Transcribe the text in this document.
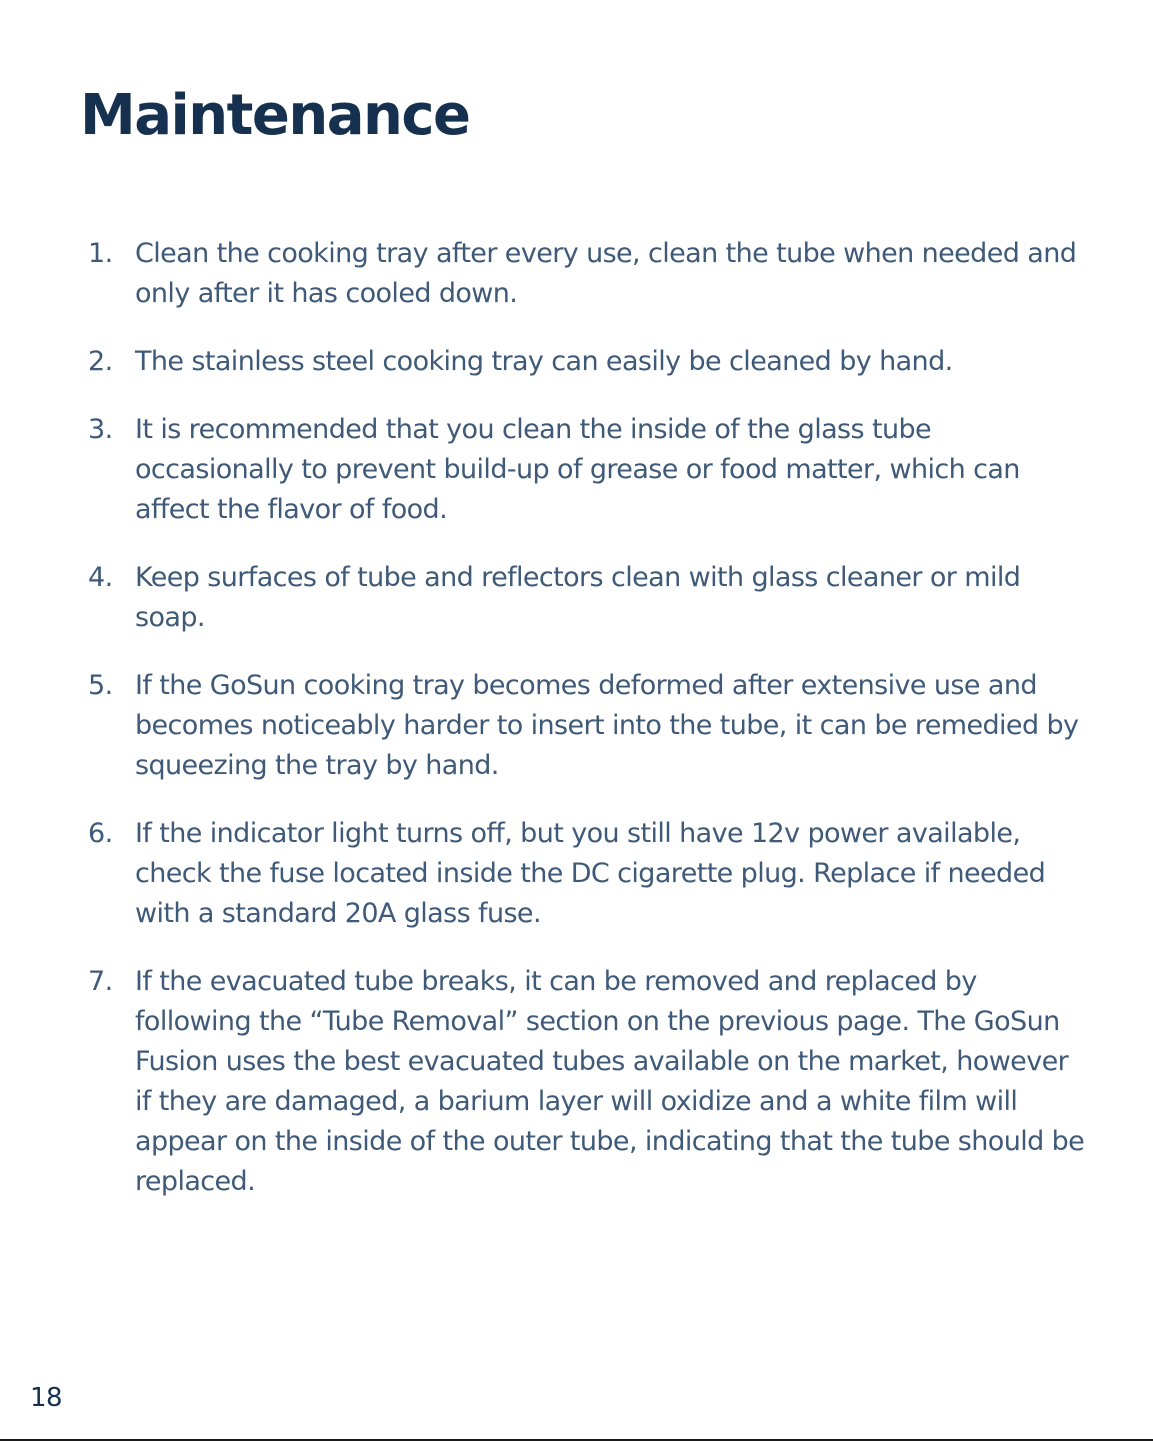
Maintenance
1. Clean the cooking tray after every use, clean the tube when needed and only after it has cooled down.
2. The stainless steel cooking tray can easily be cleaned by hand.
3. It is recommended that you clean the inside of the glass tube occasionally to prevent build-up of grease or food matter, which can affect the flavor of food.
4. Keep surfaces of tube and reflectors clean with glass cleaner or mild soap.
5. If the GoSun cooking tray becomes deformed after extensive use and becomes noticeably harder to insert into the tube, it can be remedied by squeezing the tray by hand.
6. If the indicator light turns off, but you still have 12v power available, check the fuse located inside the DC cigarette plug. Replace if needed with a standard 20A glass fuse.
7. If the evacuated tube breaks, it can be removed and replaced by following the “Tube Removal” section on the previous page. The GoSun Fusion uses the best evacuated tubes available on the market, however if they are damaged, a barium layer will oxidize and a white film will appear on the inside of the outer tube, indicating that the tube should be replaced.
18
